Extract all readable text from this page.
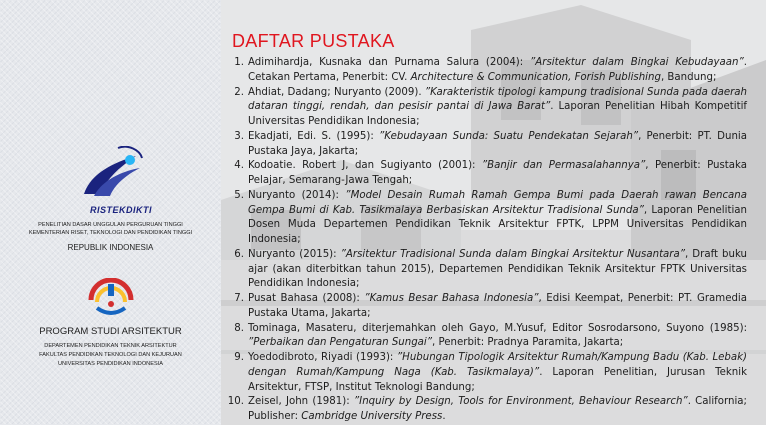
RISTEKDIKTI
PENELITIAN DASAR UNGGULAN PERGURUAN TINGGI
KEMENTERIAN RISET, TEKNOLOGI DAN PENDIDIKAN TINGGI
REPUBLIK INDONESIA
PROGRAM STUDI ARSITEKTUR
DEPARTEMEN PENDIDIKAN TEKNIK ARSITEKTUR
FAKULTAS PENDIDIKAN TEKNOLOGI DAN KEJURUAN
UNIVERSITAS PENDIDIKAN INDONESIA
DAFTAR PUSTAKA
1. Adimihardja, Kusnaka dan Purnama Salura (2004): ”Arsitektur dalam Bingkai Kebudayaan”. Cetakan Pertama, Penerbit: CV. Architecture & Communication, Forish Publishing, Bandung;
2. Ahdiat, Dadang; Nuryanto (2009). ”Karakteristik tipologi kampung tradisional Sunda pada daerah dataran tinggi, rendah, dan pesisir pantai di Jawa Barat”. Laporan Penelitian Hibah Kompetitif Universitas Pendidikan Indonesia;
3. Ekadjati, Edi. S. (1995): ”Kebudayaan Sunda: Suatu Pendekatan Sejarah”, Penerbit: PT. Dunia Pustaka Jaya, Jakarta;
4. Kodoatie. Robert J, dan Sugiyanto (2001): ”Banjir dan Permasalahannya”, Penerbit: Pustaka Pelajar, Semarang-Jawa Tengah;
5. Nuryanto (2014): ”Model Desain Rumah Ramah Gempa Bumi pada Daerah rawan Bencana Gempa Bumi di Kab. Tasikmalaya Berbasiskan Arsitektur Tradisional Sunda”, Laporan Penelitian Dosen Muda Departemen Pendidikan Teknik Arsitektur FPTK, LPPM Universitas Pendidikan Indonesia;
6. Nuryanto (2015): ”Arsitektur Tradisional Sunda dalam Bingkai Arsitektur Nusantara”, Draft buku ajar (akan diterbitkan tahun 2015), Departemen Pendidikan Teknik Arsitektur FPTK Universitas Pendidikan Indonesia;
7. Pusat Bahasa (2008): ”Kamus Besar Bahasa Indonesia”, Edisi Keempat, Penerbit: PT. Gramedia Pustaka Utama, Jakarta;
8. Tominaga, Masateru, diterjemahkan oleh Gayo, M.Yusuf, Editor Sosrodarsono, Suyono (1985): ”Perbaikan dan Pengaturan Sungai”, Penerbit: Pradnya Paramita, Jakarta;
9. Yoedodibroto, Riyadi (1993): ”Hubungan Tipologik Arsitektur Rumah/Kampung Badu (Kab. Lebak) dengan Rumah/Kampung Naga (Kab. Tasikmalaya)”. Laporan Penelitian, Jurusan Teknik Arsitektur, FTSP, Institut Teknologi Bandung;
10. Zeisel, John (1981): ”Inquiry by Design, Tools for Environment, Behaviour Research”. California; Publisher: Cambridge University Press.
